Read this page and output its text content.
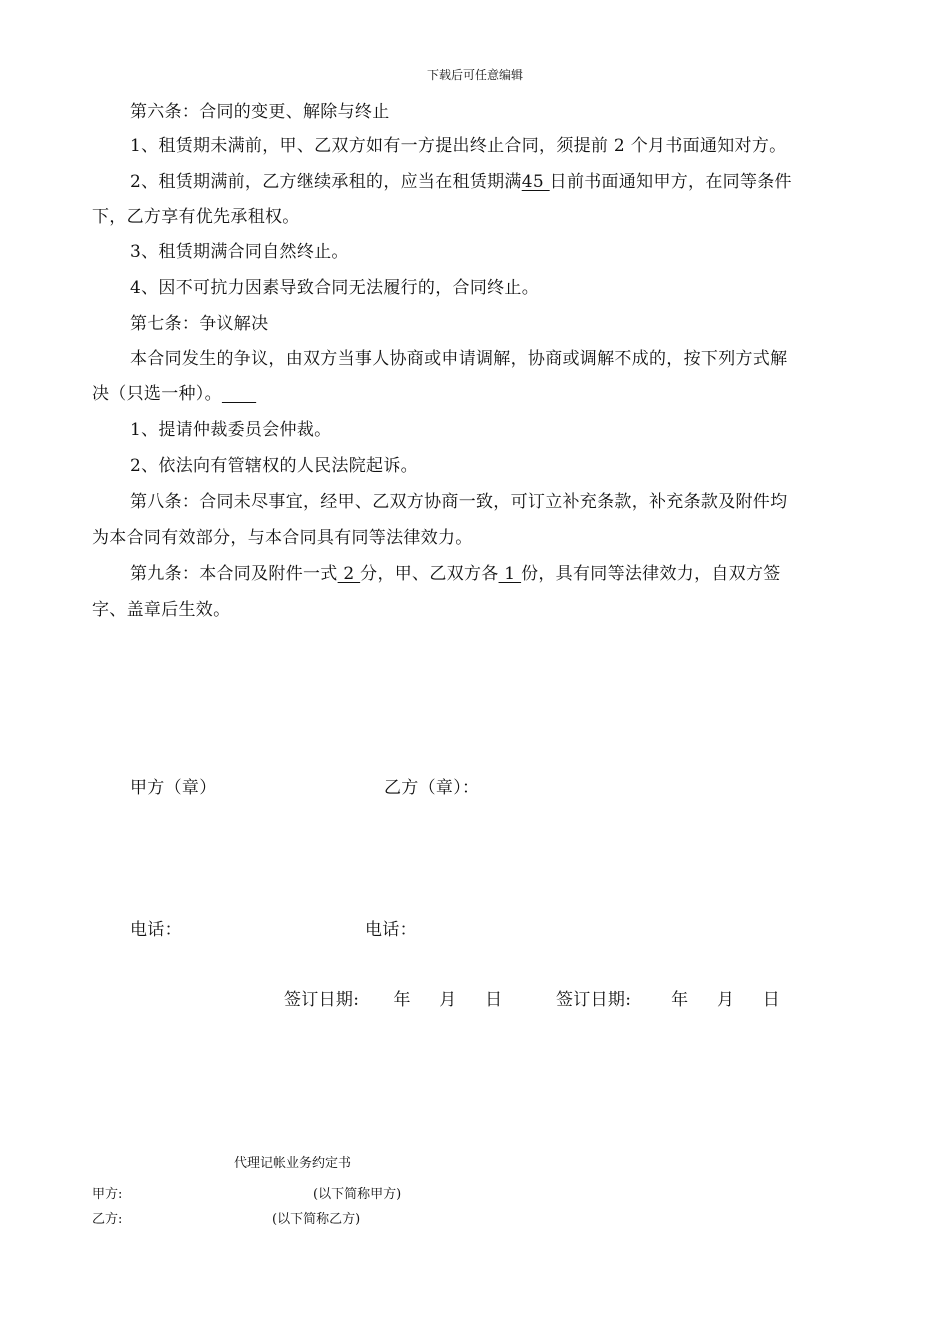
下载后可任意编辑
第六条：合同的变更、解除与终止
1、租赁期未满前，甲、乙双方如有一方提出终止合同，须提前 2 个月书面通知对方。
2、租赁期满前，乙方继续承租的，应当在租赁期满45 日前书面通知甲方，在同等条件
下，乙方享有优先承租权。
3、租赁期满合同自然终止。
4、因不可抗力因素导致合同无法履行的，合同终止。
第七条：争议解决
本合同发生的争议，由双方当事人协商或申请调解，协商或调解不成的，按下列方式解
决（只选一种）。
1、提请仲裁委员会仲裁。
2、依法向有管辖权的人民法院起诉。
第八条：合同未尽事宜，经甲、乙双方协商一致，可订立补充条款，补充条款及附件均
为本合同有效部分，与本合同具有同等法律效力。
第九条：本合同及附件一式 2 分，甲、乙双方各 1 份，具有同等法律效力，自双方签
字、盖章后生效。
甲方（章）	乙方（章）：
电话：	电话：
签订日期:      年     月     日	签订日期:       年     月     日
代理记帐业务约定书
甲方:	(以下简称甲方)
乙方:	(以下简称乙方)
